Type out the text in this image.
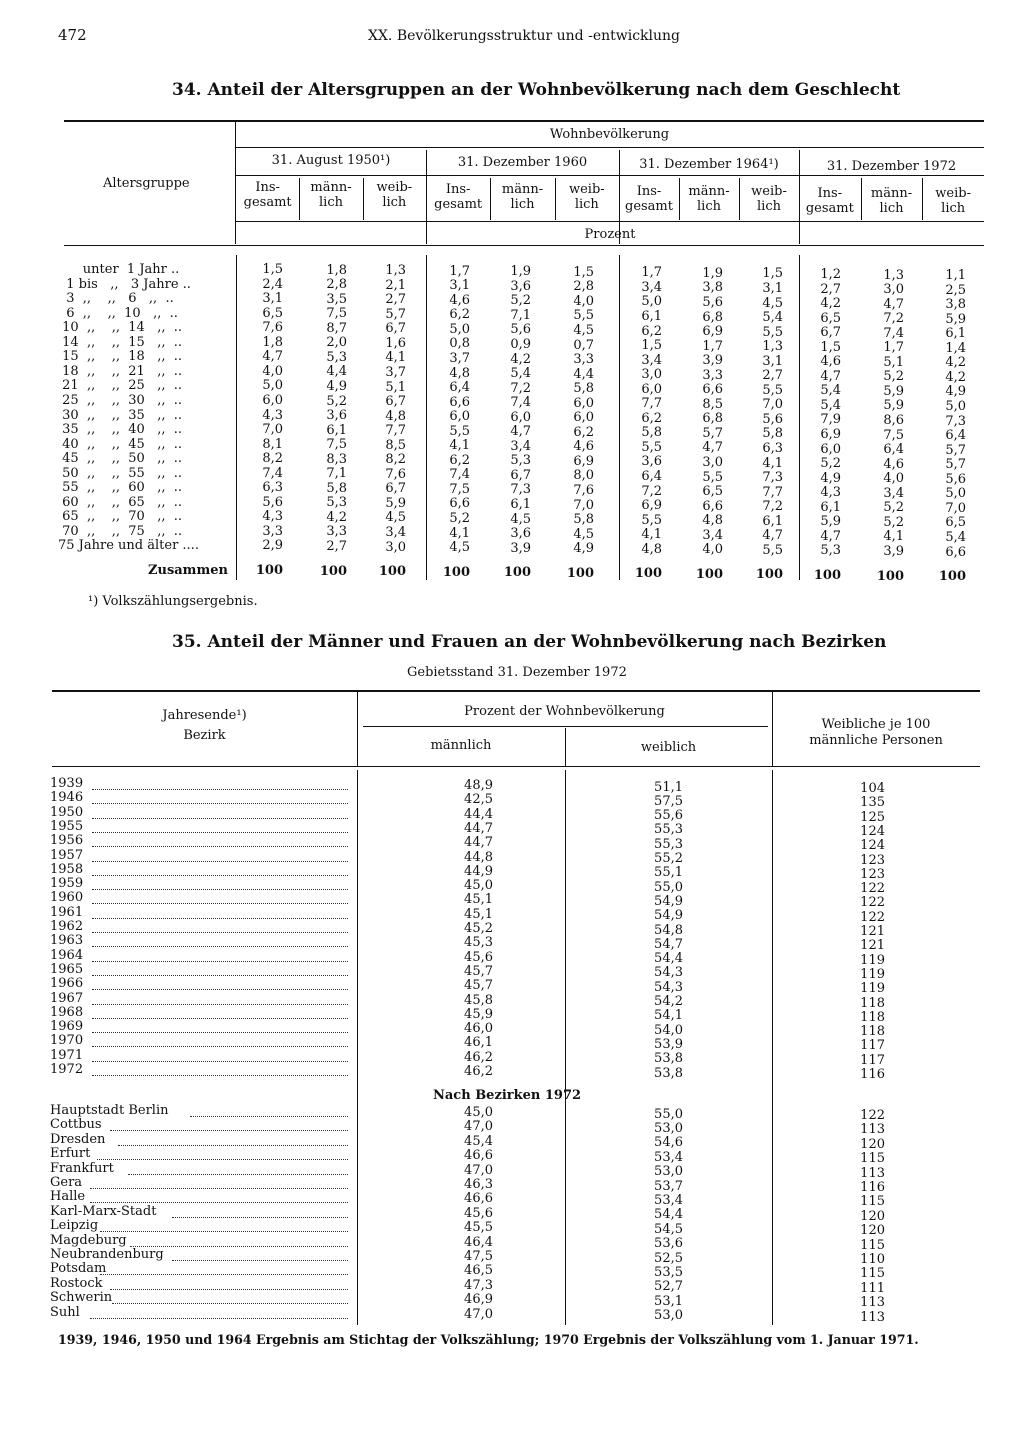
472	XX. Bevölkerungsstruktur und -entwicklung
34. Anteil der Altersgruppen an der Wohnbevölkerung nach dem Geschlecht
Wohnbevölkerung
Altersgruppe
31. August 1950¹)	31. Dezember 1960	31. Dezember 1964¹)	31. Dezember 1972
Ins-
gesamt
männ-
lich
weib-
lich
Ins-
gesamt
männ-
lich
weib-
lich
Ins-
gesamt
männ-
lich
weib-
lich
Ins-
gesamt
männ-
lich
weib-
lich
Prozent
unter  1 Jahr ..	1,5	1,8	1,3	1,7	1,9	1,5	1,7	1,9	1,5	1,2	1,3	1,1
1 bis   ,,   3 Jahre ..	2,4	2,8	2,1	3,1	3,6	2,8	3,4	3,8	3,1	2,7	3,0	2,5
3  ,,    ,,   6   ,,  ..	3,1	3,5	2,7	4,6	5,2	4,0	5,0	5,6	4,5	4,2	4,7	3,8
6  ,,    ,,  10   ,,  ..	6,5	7,5	5,7	6,2	7,1	5,5	6,1	6,8	5,4	6,5	7,2	5,9
10  ,,    ,,  14   ,,  ..	7,6	8,7	6,7	5,0	5,6	4,5	6,2	6,9	5,5	6,7	7,4	6,1
14  ,,    ,,  15   ,,  ..	1,8	2,0	1,6	0,8	0,9	0,7	1,5	1,7	1,3	1,5	1,7	1,4
15  ,,    ,,  18   ,,  ..	4,7	5,3	4,1	3,7	4,2	3,3	3,4	3,9	3,1	4,6	5,1	4,2
18  ,,    ,,  21   ,,  ..	4,0	4,4	3,7	4,8	5,4	4,4	3,0	3,3	2,7	4,7	5,2	4,2
21  ,,    ,,  25   ,,  ..	5,0	4,9	5,1	6,4	7,2	5,8	6,0	6,6	5,5	5,4	5,9	4,9
25  ,,    ,,  30   ,,  ..	6,0	5,2	6,7	6,6	7,4	6,0	7,7	8,5	7,0	5,4	5,9	5,0
30  ,,    ,,  35   ,,  ..	4,3	3,6	4,8	6,0	6,0	6,0	6,2	6,8	5,6	7,9	8,6	7,3
35  ,,    ,,  40   ,,  ..	7,0	6,1	7,7	5,5	4,7	6,2	5,8	5,7	5,8	6,9	7,5	6,4
40  ,,    ,,  45   ,,  ..	8,1	7,5	8,5	4,1	3,4	4,6	5,5	4,7	6,3	6,0	6,4	5,7
45  ,,    ,,  50   ,,  ..	8,2	8,3	8,2	6,2	5,3	6,9	3,6	3,0	4,1	5,2	4,6	5,7
50  ,,    ,,  55   ,,  ..	7,4	7,1	7,6	7,4	6,7	8,0	6,4	5,5	7,3	4,9	4,0	5,6
55  ,,    ,,  60   ,,  ..	6,3	5,8	6,7	7,5	7,3	7,6	7,2	6,5	7,7	4,3	3,4	5,0
60  ,,    ,,  65   ,,  ..	5,6	5,3	5,9	6,6	6,1	7,0	6,9	6,6	7,2	6,1	5,2	7,0
65  ,,    ,,  70   ,,  ..	4,3	4,2	4,5	5,2	4,5	5,8	5,5	4,8	6,1	5,9	5,2	6,5
70  ,,    ,,  75   ,,  ..	3,3	3,3	3,4	4,1	3,6	4,5	4,1	3,4	4,7	4,7	4,1	5,4
75 Jahre und älter ....	2,9	2,7	3,0	4,5	3,9	4,9	4,8	4,0	5,5	5,3	3,9	6,6
Zusammen	100	100	100	100	100	100	100	100	100	100	100	100
¹) Volkszählungsergebnis.
35. Anteil der Männer und Frauen an der Wohnbevölkerung nach Bezirken
Gebietsstand 31. Dezember 1972
Jahresende¹)
Bezirk
Prozent der Wohnbevölkerung
männlich	weiblich
Weibliche je 100
männliche Personen
1939	48,9	51,1	104
1946	42,5	57,5	135
1950	44,4	55,6	125
1955	44,7	55,3	124
1956	44,7	55,3	124
1957	44,8	55,2	123
1958	44,9	55,1	123
1959	45,0	55,0	122
1960	45,1	54,9	122
1961	45,1	54,9	122
1962	45,2	54,8	121
1963	45,3	54,7	121
1964	45,6	54,4	119
1965	45,7	54,3	119
1966	45,7	54,3	119
1967	45,8	54,2	118
1968	45,9	54,1	118
1969	46,0	54,0	118
1970	46,1	53,9	117
1971	46,2	53,8	117
1972	46,2	53,8	116
Hauptstadt Berlin	45,0	55,0	122
Cottbus	47,0	53,0	113
Dresden	45,4	54,6	120
Erfurt	46,6	53,4	115
Frankfurt	47,0	53,0	113
Gera	46,3	53,7	116
Halle	46,6	53,4	115
Karl-Marx-Stadt	45,6	54,4	120
Leipzig	45,5	54,5	120
Magdeburg	46,4	53,6	115
Neubrandenburg	47,5	52,5	110
Potsdam	46,5	53,5	115
Rostock	47,3	52,7	111
Schwerin	46,9	53,1	113
Suhl	47,0	53,0	113
Nach Bezirken 1972
1939, 1946, 1950 und 1964 Ergebnis am Stichtag der Volkszählung; 1970 Ergebnis der Volkszählung vom 1. Januar 1971.
